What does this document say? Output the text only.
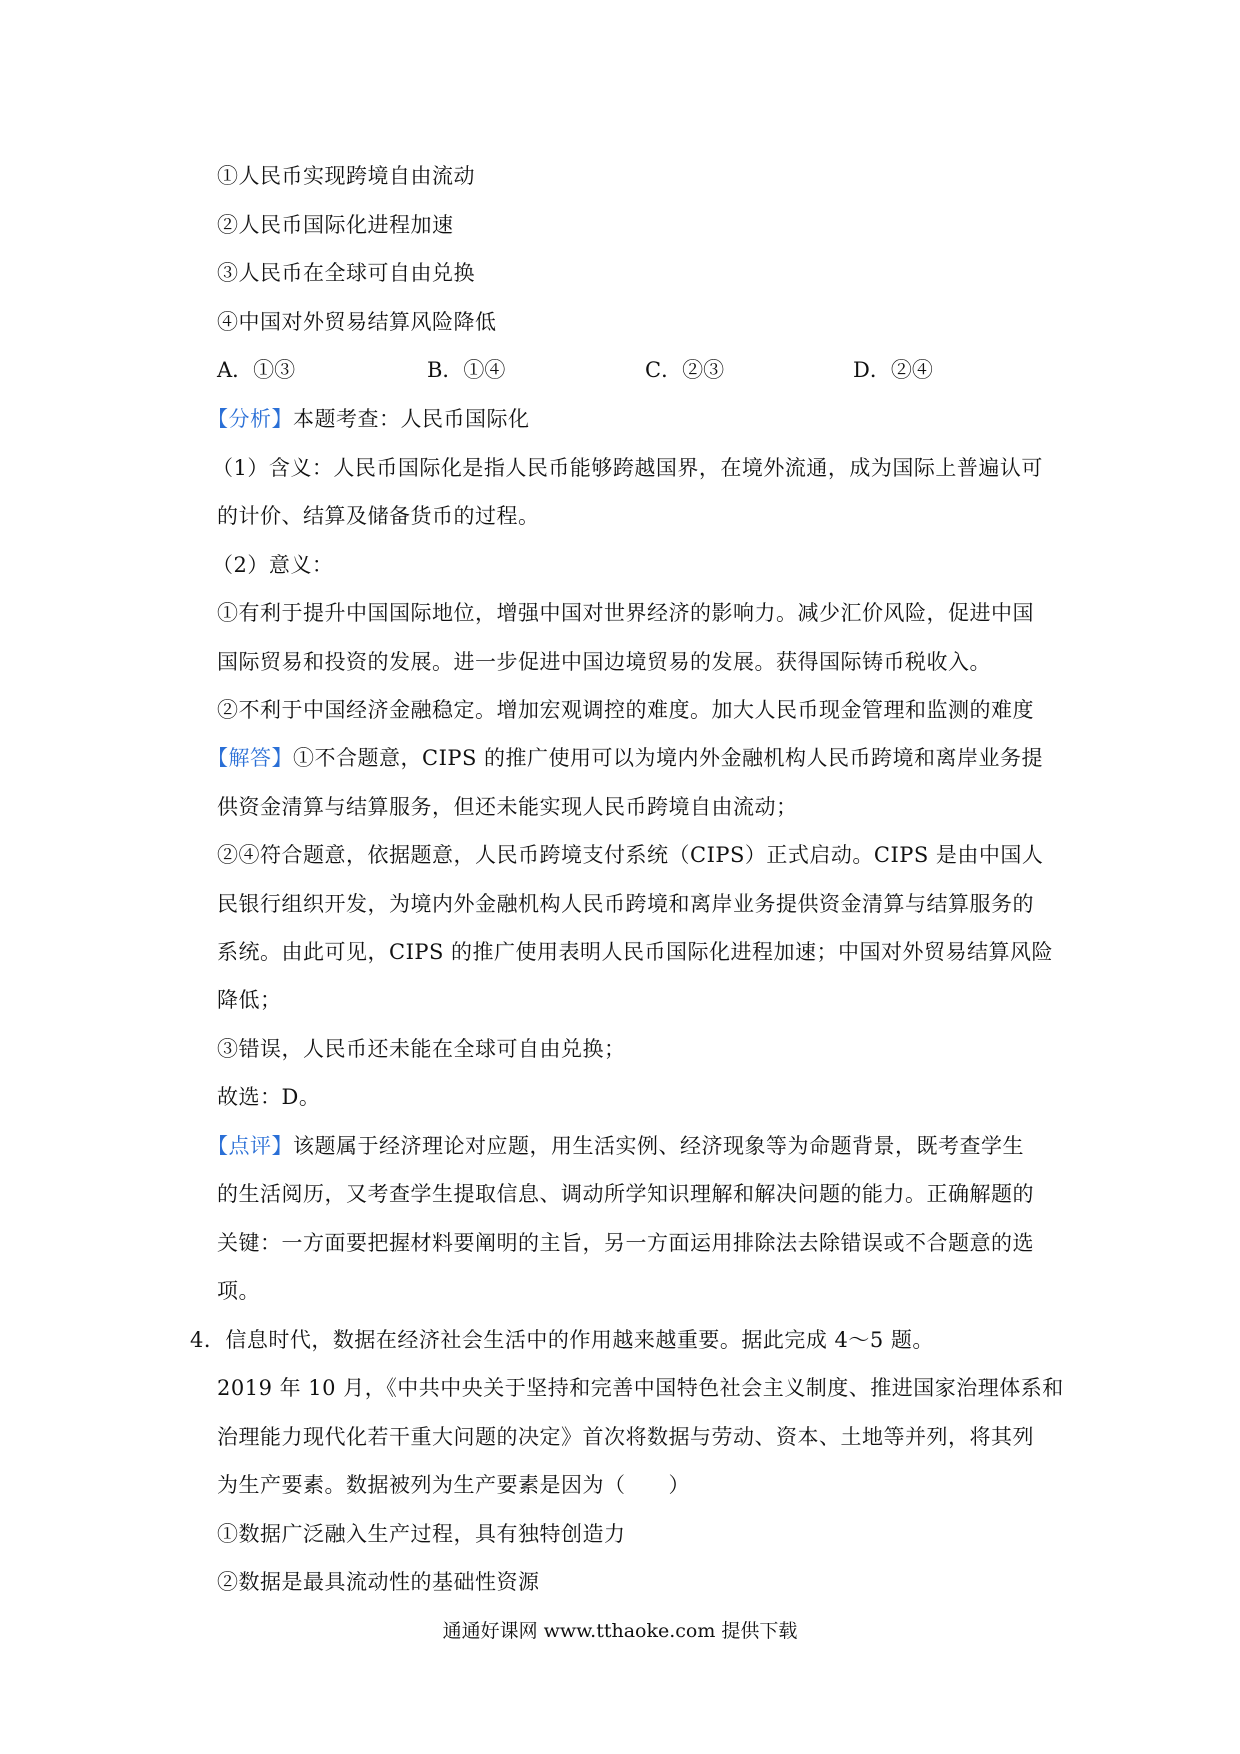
①人民币实现跨境自由流动
②人民币国际化进程加速
③人民币在全球可自由兑换
④中国对外贸易结算风险降低
A．①③	B．①④	C．②③	D．②④
【分析】本题考查：人民币国际化
（1）含义：人民币国际化是指人民币能够跨越国界，在境外流通，成为国际上普遍认可
的计价、结算及储备货币的过程。
（2）意义：
①有利于提升中国国际地位，增强中国对世界经济的影响力。减少汇价风险，促进中国
国际贸易和投资的发展。进一步促进中国边境贸易的发展。获得国际铸币税收入。
②不利于中国经济金融稳定。增加宏观调控的难度。加大人民币现金管理和监测的难度
【解答】①不合题意，CIPS 的推广使用可以为境内外金融机构人民币跨境和离岸业务提
供资金清算与结算服务，但还未能实现人民币跨境自由流动；
②④符合题意，依据题意，人民币跨境支付系统（CIPS）正式启动。CIPS 是由中国人
民银行组织开发，为境内外金融机构人民币跨境和离岸业务提供资金清算与结算服务的
系统。由此可见，CIPS 的推广使用表明人民币国际化进程加速；中国对外贸易结算风险
降低；
③错误，人民币还未能在全球可自由兑换；
故选：D。
【点评】该题属于经济理论对应题，用生活实例、经济现象等为命题背景，既考查学生
的生活阅历，又考查学生提取信息、调动所学知识理解和解决问题的能力。正确解题的
关键：一方面要把握材料要阐明的主旨，另一方面运用排除法去除错误或不合题意的选
项。
4．信息时代，数据在经济社会生活中的作用越来越重要。据此完成 4～5 题。
2019 年 10 月，《中共中央关于坚持和完善中国特色社会主义制度、推进国家治理体系和
治理能力现代化若干重大问题的决定》首次将数据与劳动、资本、土地等并列，将其列
为生产要素。数据被列为生产要素是因为（　　）
①数据广泛融入生产过程，具有独特创造力
②数据是最具流动性的基础性资源
通通好课网 www.tthaoke.com 提供下载
